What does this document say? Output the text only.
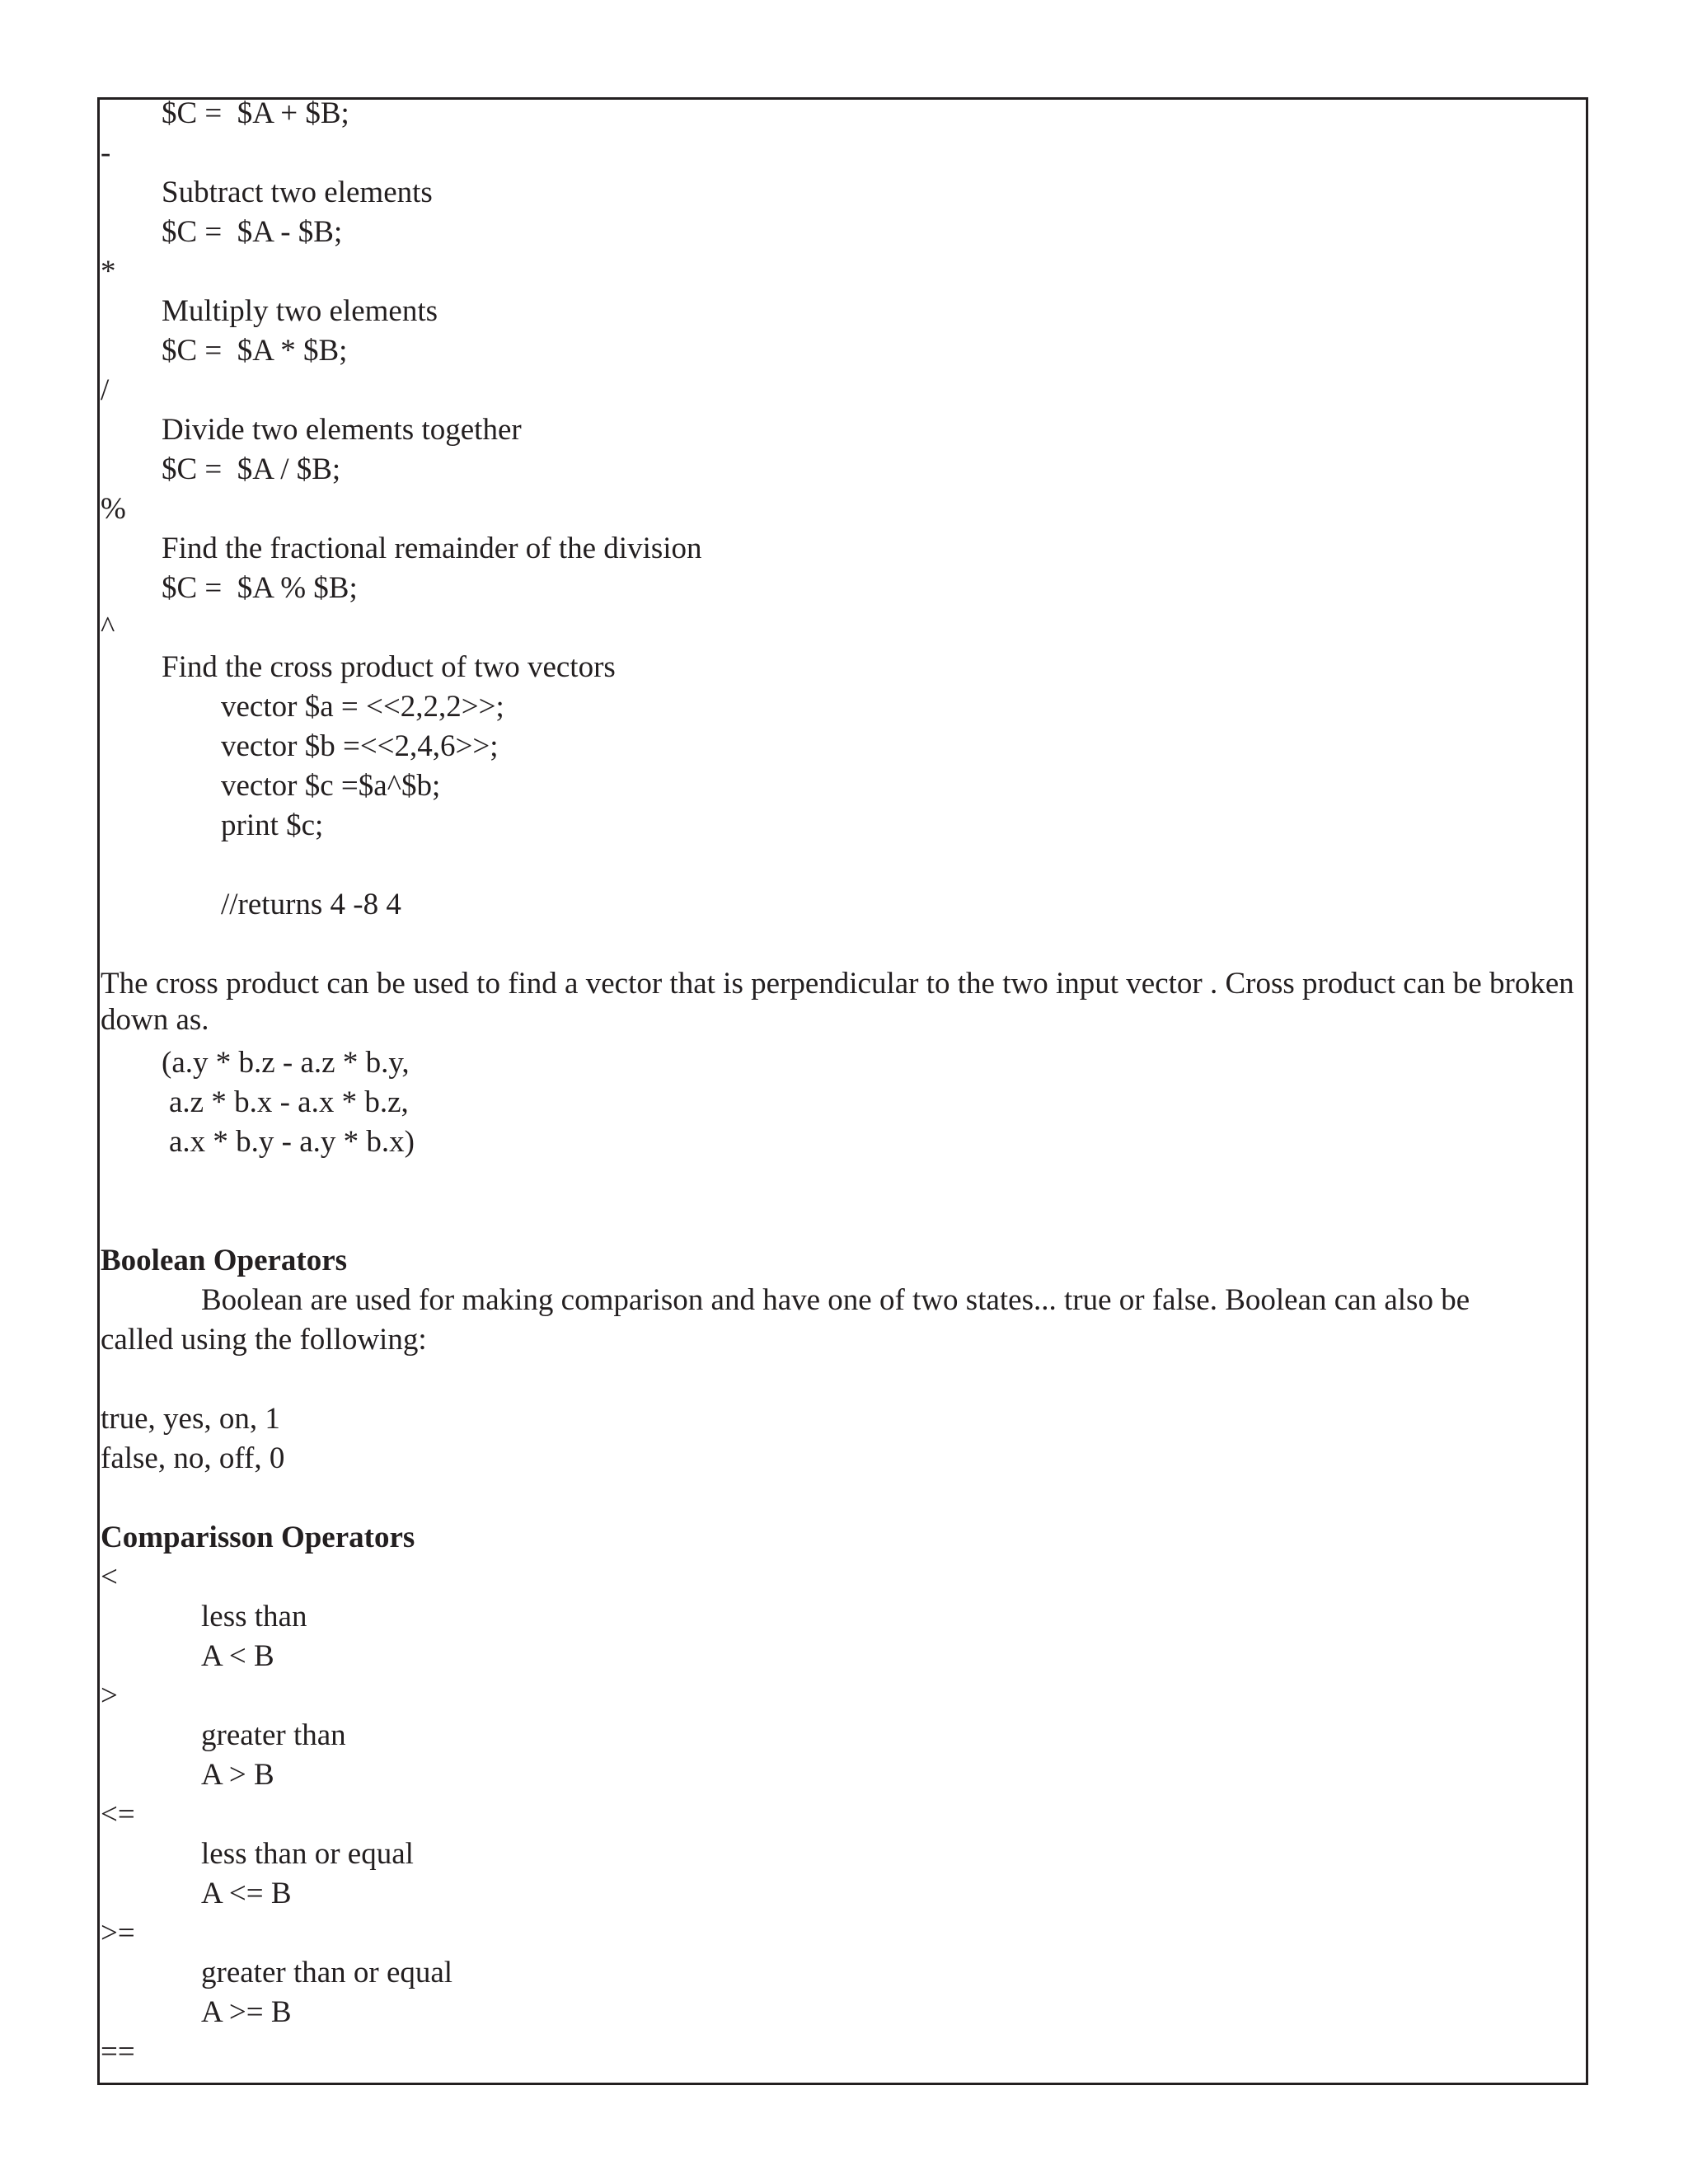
$C =  $A + $B;
-
Subtract two elements
$C =  $A - $B;
*
Multiply two elements
$C =  $A * $B;
/
Divide two elements together
$C =  $A / $B;
%
Find the fractional remainder of the division
$C =  $A % $B;
^
Find the cross product of two vectors
vector $a = <<2,2,2>>;
vector $b =<<2,4,6>>;
vector $c =$a^$b;
print $c;
//returns 4 -8 4
The cross product can be used to find a vector that is perpendicular to the two input vector . Cross product can be broken down as.
(a.y * b.z - a.z * b.y,
a.z * b.x - a.x * b.z,
a.x * b.y - a.y * b.x)
Boolean Operators
Boolean are used for making comparison and have one of two states... true or false. Boolean can also be
called using the following:
true, yes, on, 1
false, no, off, 0
Comparisson Operators
<
less than
A < B
>
greater than
A > B
<=
less than or equal
A <= B
>=
greater than or equal
A >= B
==
